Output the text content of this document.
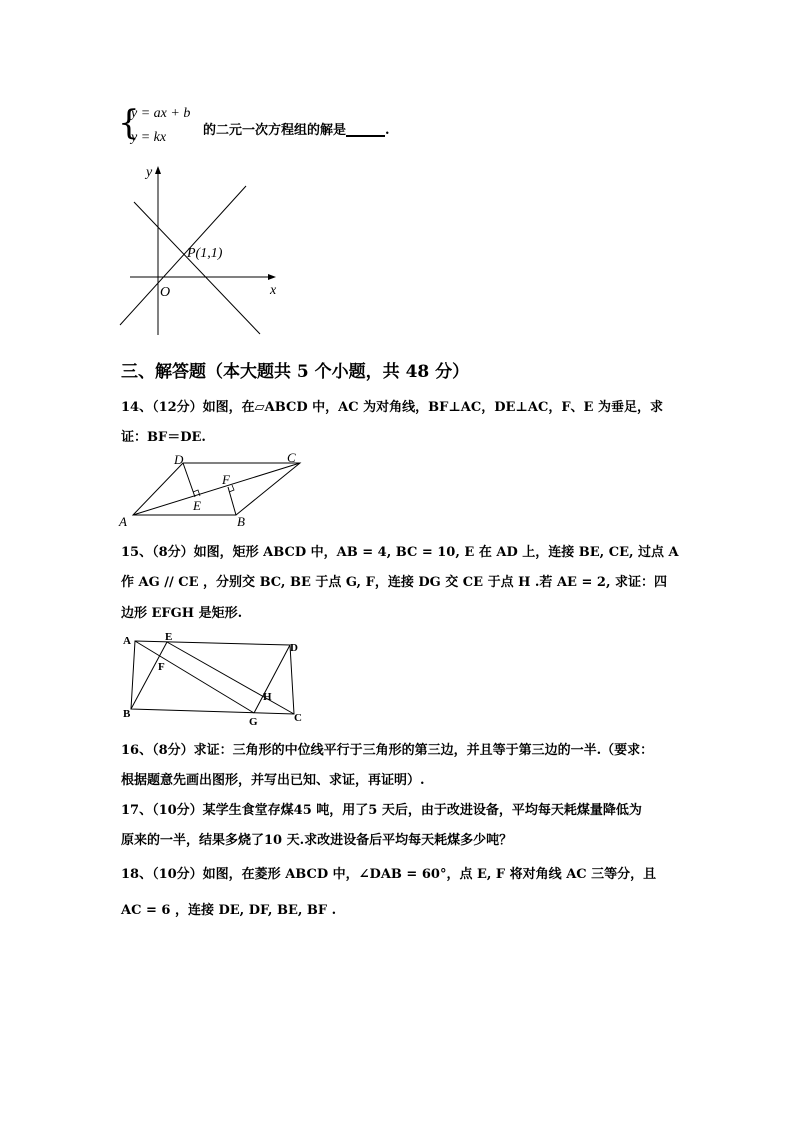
{
y = ax + b
y = kx	的二元一次方程组的解是______.
y
x
O
P(1,1)
三、解答题（本大题共 5 个小题，共 48 分）
14、（12分）如图，在▱ABCD 中，AC 为对角线，BF⊥AC，DE⊥AC，F、E 为垂足，求
证：BF＝DE.
A	B
C
D
E
F
15、（8分）如图，矩形 ABCD 中，AB = 4, BC = 10, E 在 AD 上，连接 BE, CE, 过点 A
作 AG // CE ，分别交 BC, BE 于点 G, F，连接 DG 交 CE 于点 H .若 AE = 2, 求证：四
边形 EFGH 是矩形.
A
B	C
D
E
F
G
H
16、（8分）求证：三角形的中位线平行于三角形的第三边，并且等于第三边的一半.（要求：
根据题意先画出图形，并写出已知、求证，再证明）.
17、（10分）某学生食堂存煤45 吨，用了5 天后，由于改进设备，平均每天耗煤量降低为
原来的一半，结果多烧了10 天.求改进设备后平均每天耗煤多少吨？
18、（10分）如图，在菱形 ABCD 中，∠DAB = 60°，点 E, F 将对角线 AC 三等分，且
AC = 6 ，连接 DE, DF, BE, BF .
